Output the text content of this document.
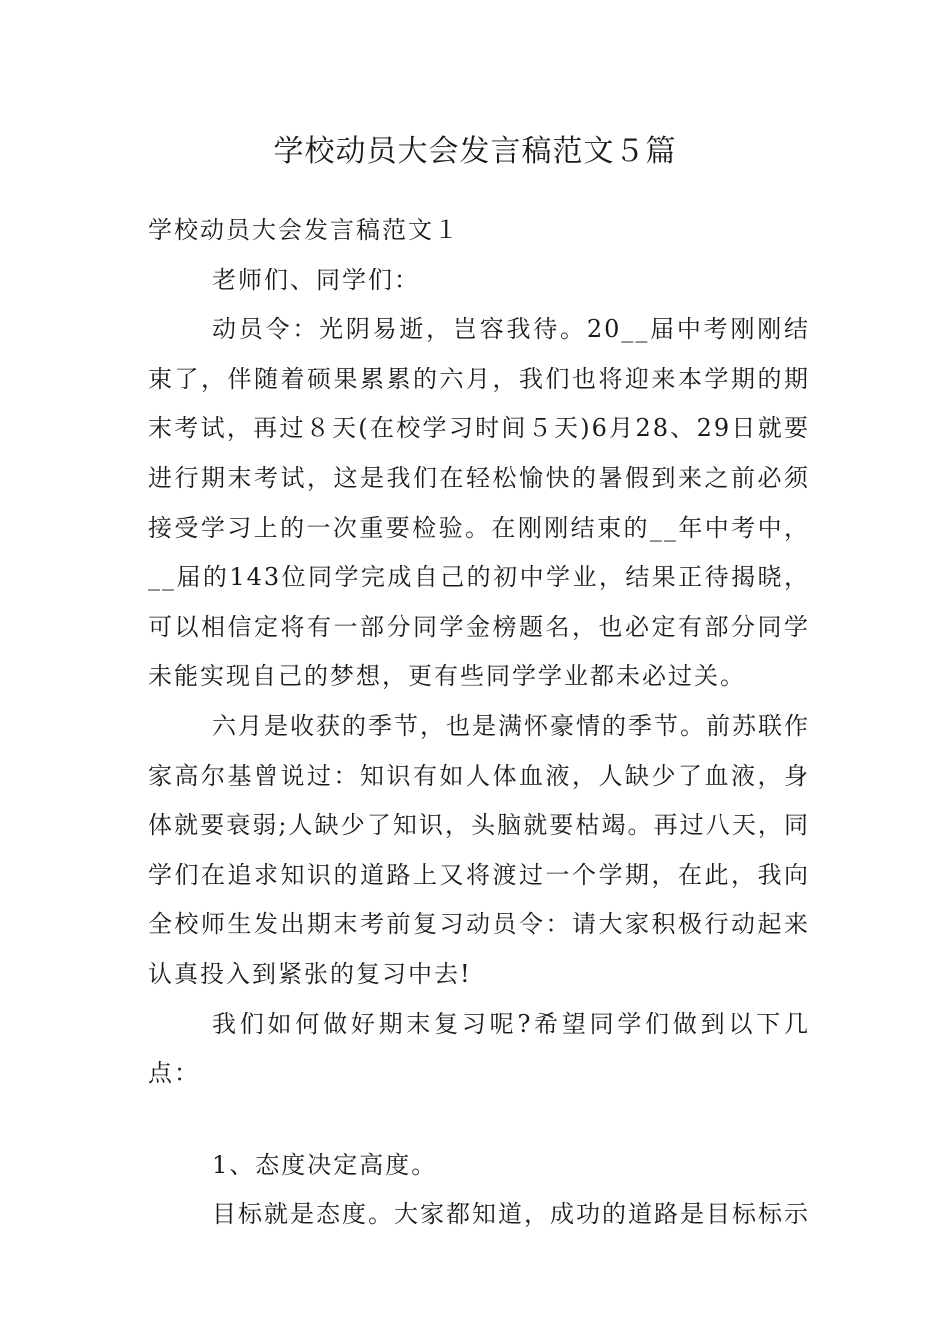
学校动员大会发言稿范文５篇

学校动员大会发言稿范文１

老师们、同学们：

动员令：光阴易逝，岂容我待。20__届中考刚刚结束了，伴随着硕果累累的六月，我们也将迎来本学期的期末考试，再过８天(在校学习时间５天)6月28、29日就要进行期末考试，这是我们在轻松愉快的暑假到来之前必须接受学习上的一次重要检验。在刚刚结束的__年中考中，__届的143位同学完成自己的初中学业，结果正待揭晓，可以相信定将有一部分同学金榜题名，也必定有部分同学未能实现自己的梦想，更有些同学学业都未必过关。

六月是收获的季节，也是满怀豪情的季节。前苏联作家高尔基曾说过：知识有如人体血液，人缺少了血液，身体就要衰弱;人缺少了知识，头脑就要枯竭。再过八天，同学们在追求知识的道路上又将渡过一个学期，在此，我向全校师生发出期末考前复习动员令：请大家积极行动起来认真投入到紧张的复习中去!

我们如何做好期末复习呢?希望同学们做到以下几点：

1、态度决定高度。

目标就是态度。大家都知道，成功的道路是目标标示
